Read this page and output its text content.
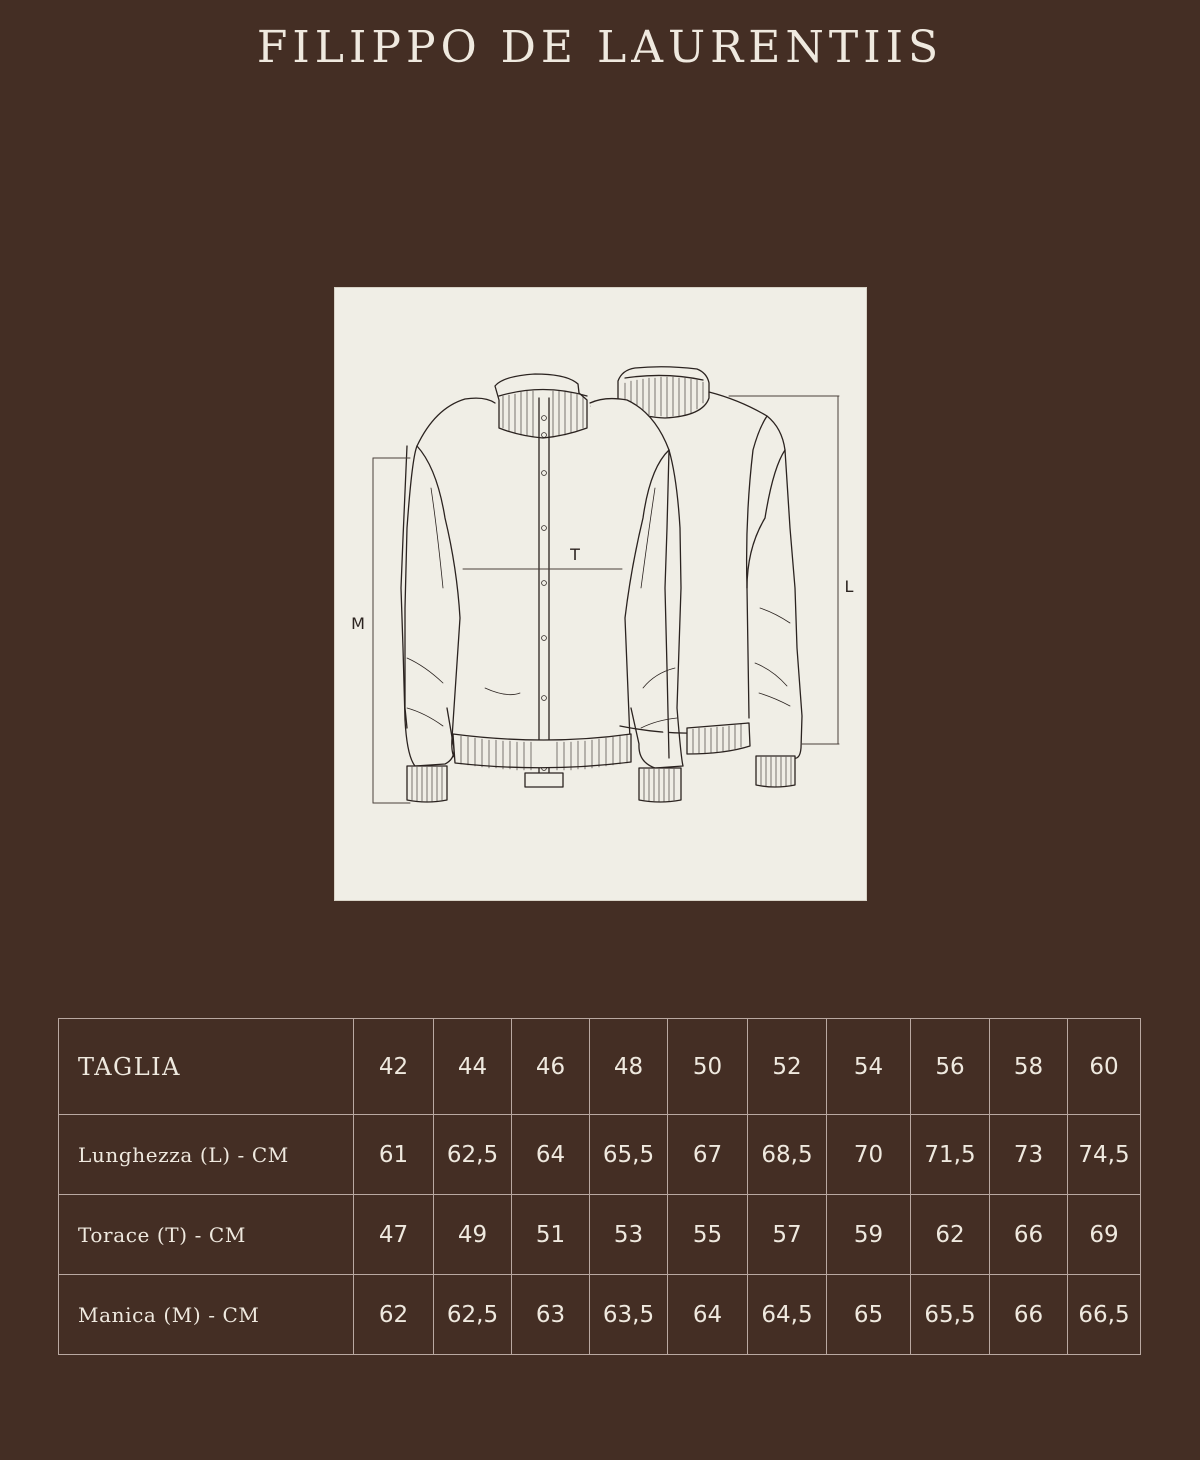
FILIPPO DE LAURENTIIS
T
L
M
TAGLIA	42	44	46	48	50	52	54	56	58	60
Lunghezza (L) - CM	61	62,5	64	65,5	67	68,5	70	71,5	73	74,5
Torace (T) - CM	47	49	51	53	55	57	59	62	66	69
Manica (M) - CM	62	62,5	63	63,5	64	64,5	65	65,5	66	66,5
